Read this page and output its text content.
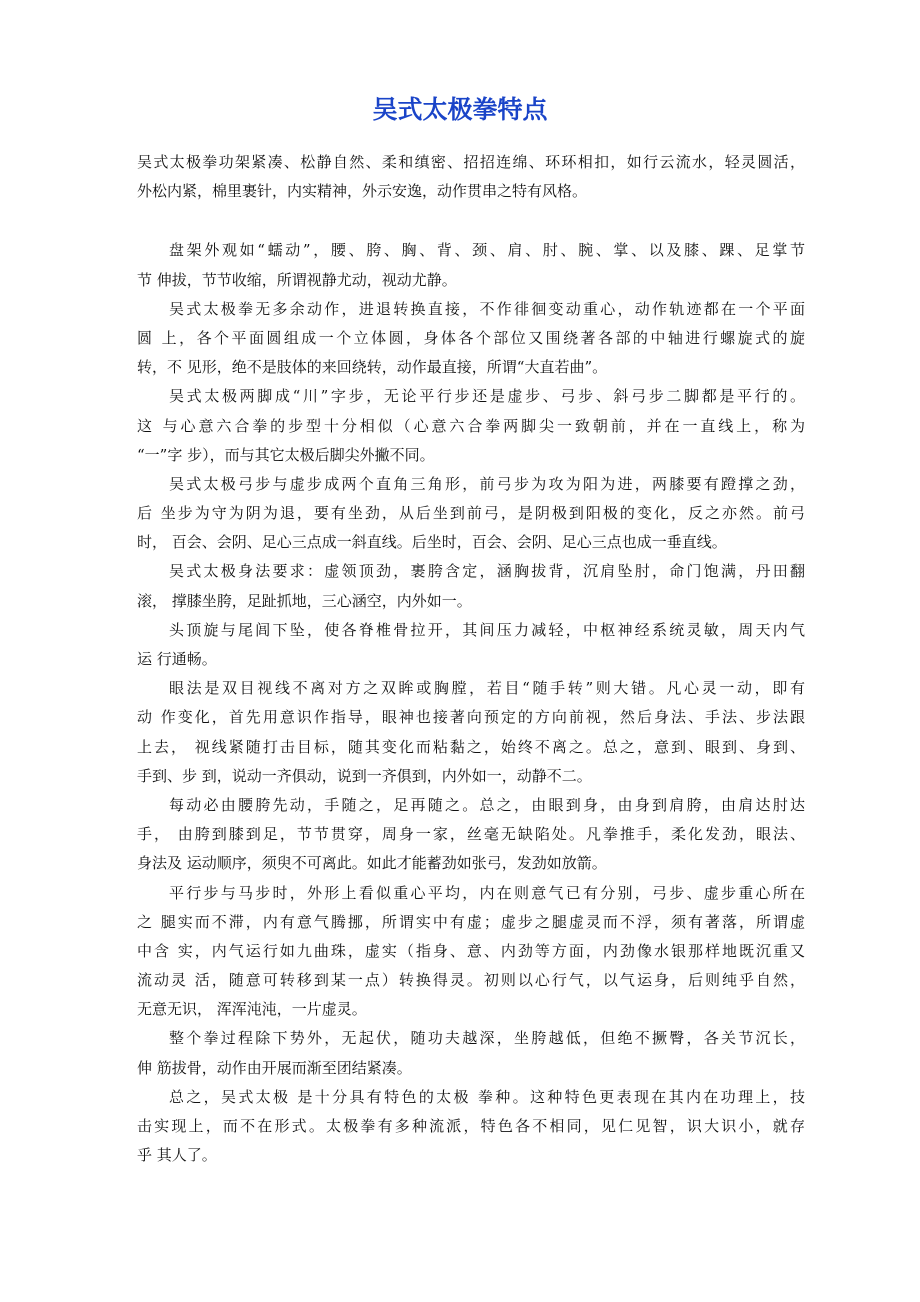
吴式太极拳特点
吴式太极拳功架紧凑、松静自然、柔和缜密、招招连绵、环环相扣，如行云流水，轻灵圆活，
外松内紧，棉里裹针，内实精神，外示安逸，动作贯串之特有风格。
盘架外观如“蠕动”，腰、胯、胸、背、颈、肩、肘、腕、掌、以及膝、踝、足掌节
节 伸拔，节节收缩，所谓视静尤动，视动尤静。
吴式太极拳无多余动作，进退转换直接，不作徘徊变动重心，动作轨迹都在一个平面
圆 上，各个平面圆组成一个立体圆，身体各个部位又围绕著各部的中轴进行螺旋式的旋
转，不 见形，绝不是肢体的来回绕转，动作最直接，所谓“大直若曲”。
吴式太极两脚成“川”字步，无论平行步还是虚步、弓步、斜弓步二脚都是平行的。
这 与心意六合拳的步型十分相似（心意六合拳两脚尖一致朝前，并在一直线上，称为
“一”字 步），而与其它太极后脚尖外撇不同。
吴式太极弓步与虚步成两个直角三角形，前弓步为攻为阳为进，两膝要有蹬撑之劲，
后 坐步为守为阴为退，要有坐劲，从后坐到前弓，是阴极到阳极的变化，反之亦然。前弓
时， 百会、会阴、足心三点成一斜直线。后坐时，百会、会阴、足心三点也成一垂直线。
吴式太极身法要求：虚领顶劲，裹胯含定，涵胸拔背，沉肩坠肘，命门饱满，丹田翻
滚， 撑膝坐胯，足趾抓地，三心涵空，内外如一。
头顶旋与尾闾下坠，使各脊椎骨拉开，其间压力减轻，中枢神经系统灵敏，周天内气
运 行通畅。
眼法是双目视线不离对方之双眸或胸膛，若目“随手转”则大错。凡心灵一动，即有
动 作变化，首先用意识作指导，眼神也接著向预定的方向前视，然后身法、手法、步法跟
上去， 视线紧随打击目标，随其变化而粘黏之，始终不离之。总之，意到、眼到、身到、
手到、步 到，说动一齐俱动，说到一齐俱到，内外如一，动静不二。
每动必由腰胯先动，手随之，足再随之。总之，由眼到身，由身到肩胯，由肩达肘达
手， 由胯到膝到足，节节贯穿，周身一家，丝毫无缺陷处。凡拳推手，柔化发劲，眼法、
身法及 运动顺序，须臾不可离此。如此才能蓄劲如张弓，发劲如放箭。
平行步与马步时，外形上看似重心平均，内在则意气已有分别，弓步、虚步重心所在
之 腿实而不滞，内有意气腾挪，所谓实中有虚；虚步之腿虚灵而不浮，须有著落，所谓虚
中含 实，内气运行如九曲珠，虚实（指身、意、内劲等方面，内劲像水银那样地既沉重又
流动灵 活，随意可转移到某一点）转换得灵。初则以心行气，以气运身，后则纯乎自然，
无意无识， 浑浑沌沌，一片虚灵。
整个拳过程除下势外，无起伏，随功夫越深，坐胯越低，但绝不撅臀，各关节沉长，
伸 筋拔骨，动作由开展而渐至团结紧凑。
总之，吴式太极 是十分具有特色的太极 拳种。这种特色更表现在其内在功理上，技
击实现上，而不在形式。太极拳有多种流派，特色各不相同，见仁见智，识大识小，就存
乎 其人了。
